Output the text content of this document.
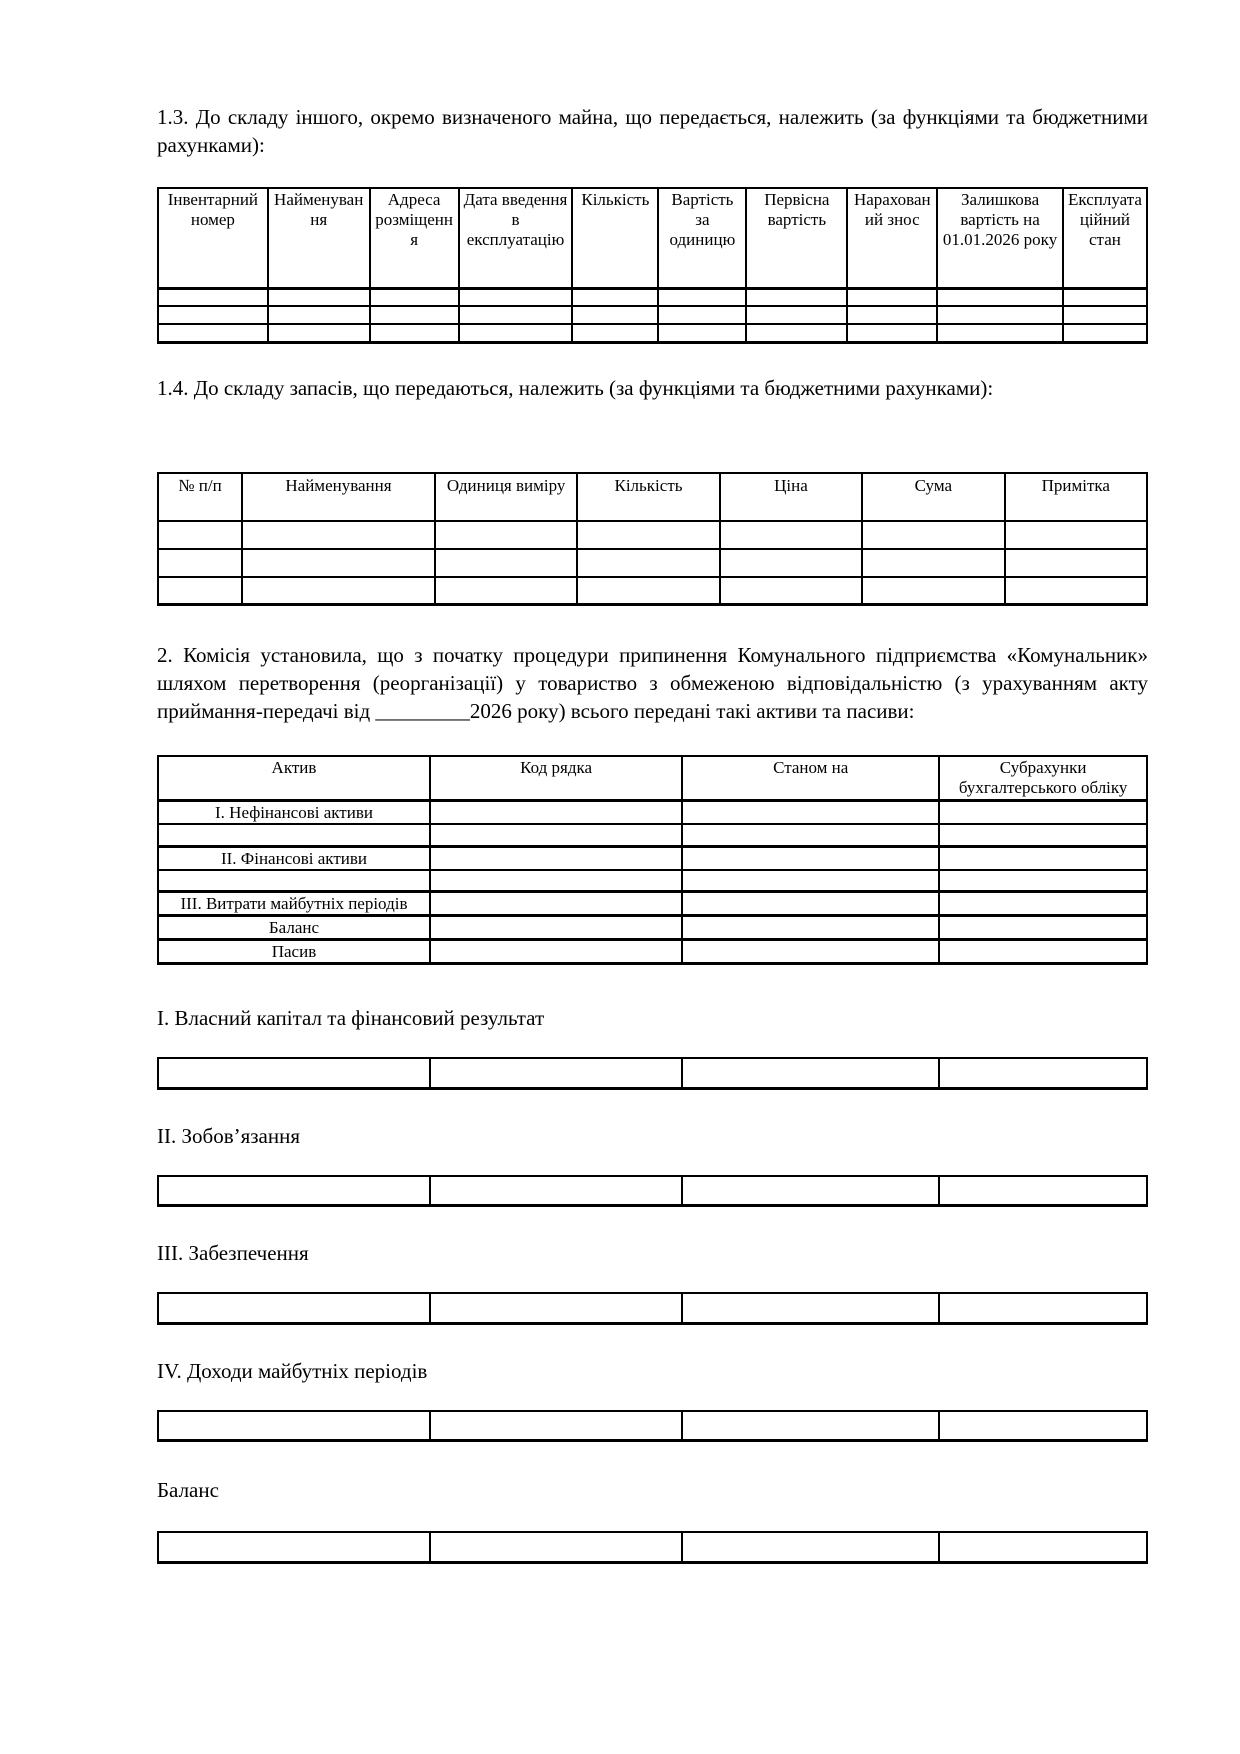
1.3. До складу іншого, окремо визначеного майна, що передається, належить (за функціями та бюджетними рахунками):

Інвентарний номер	Найменування	Адреса розміщення	Дата введення в експлуатацію	Кількість	Вартість за одиницю	Первісна вартість	Нарахований знос	Залишкова вартість на 01.01.2026 року	Експлуатаційний стан

1.4. До складу запасів, що передаються, належить (за функціями та бюджетними рахунками):

№ п/п	Найменування	Одиниця виміру	Кількість	Ціна	Сума	Примітка

2. Комісія установила, що з початку процедури припинення Комунального підприємства «Комунальник» шляхом перетворення (реорганізації) у товариство з обмеженою відповідальністю (з урахуванням акту приймання-передачі від _________2026 року) всього передані такі активи та пасиви:

Актив	Код рядка	Станом на	Субрахунки бухгалтерського обліку
I. Нефінансові активи			

II. Фінансові активи			

III. Витрати майбутніх періодів			
Баланс			
Пасив			

I. Власний капітал та фінансовий результат

II. Зобов’язання

III. Забезпечення

IV. Доходи майбутніх періодів

Баланс
